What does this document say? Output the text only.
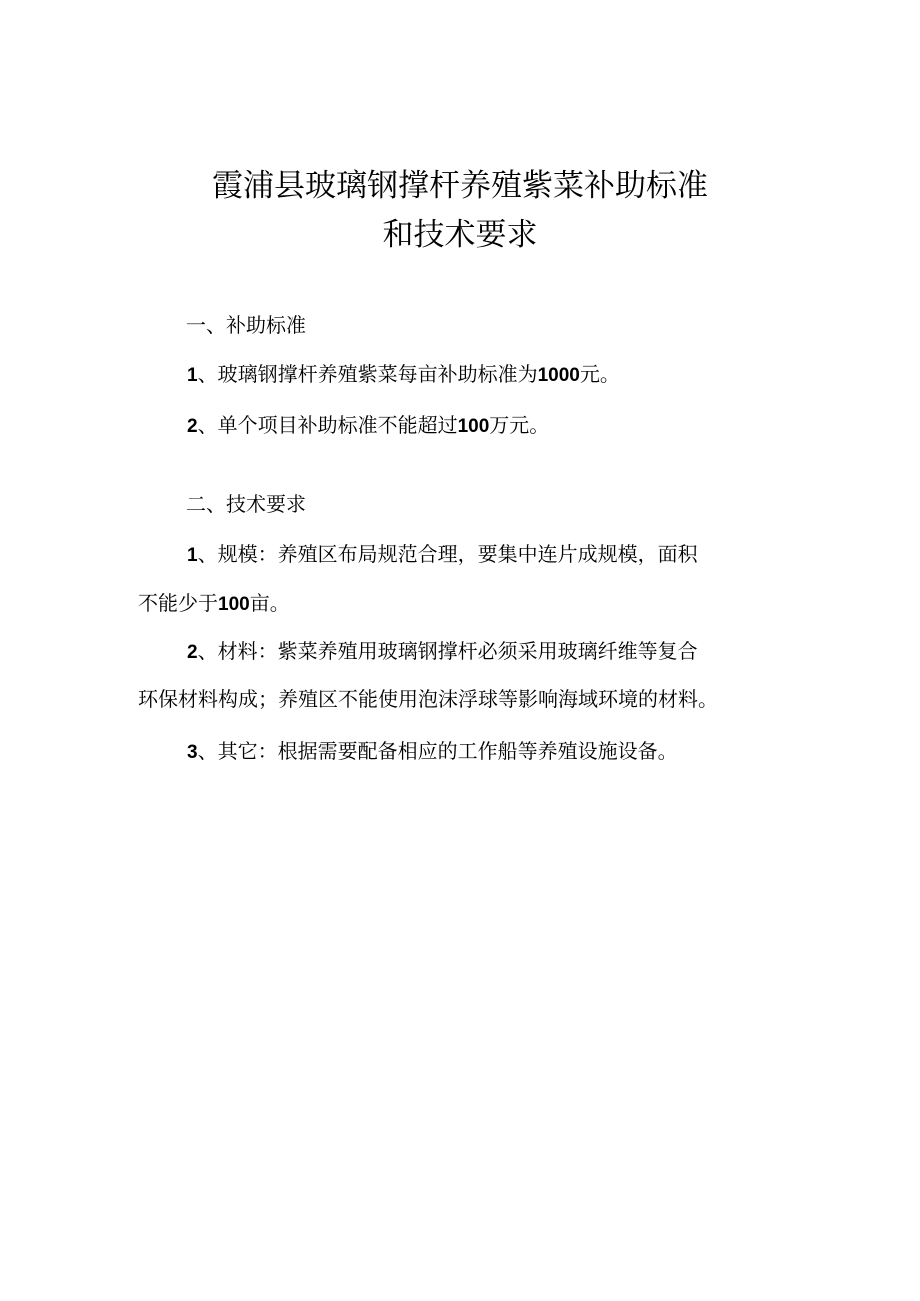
霞浦县玻璃钢撑杆养殖紫菜补助标准
和技术要求

一、补助标准

1、玻璃钢撑杆养殖紫菜每亩补助标准为1000元。

2、单个项目补助标准不能超过100万元。

二、技术要求

1、规模：养殖区布局规范合理，要集中连片成规模，面积

不能少于100亩。

2、材料：紫菜养殖用玻璃钢撑杆必须采用玻璃纤维等复合

环保材料构成；养殖区不能使用泡沫浮球等影响海域环境的材料。

3、其它：根据需要配备相应的工作船等养殖设施设备。
